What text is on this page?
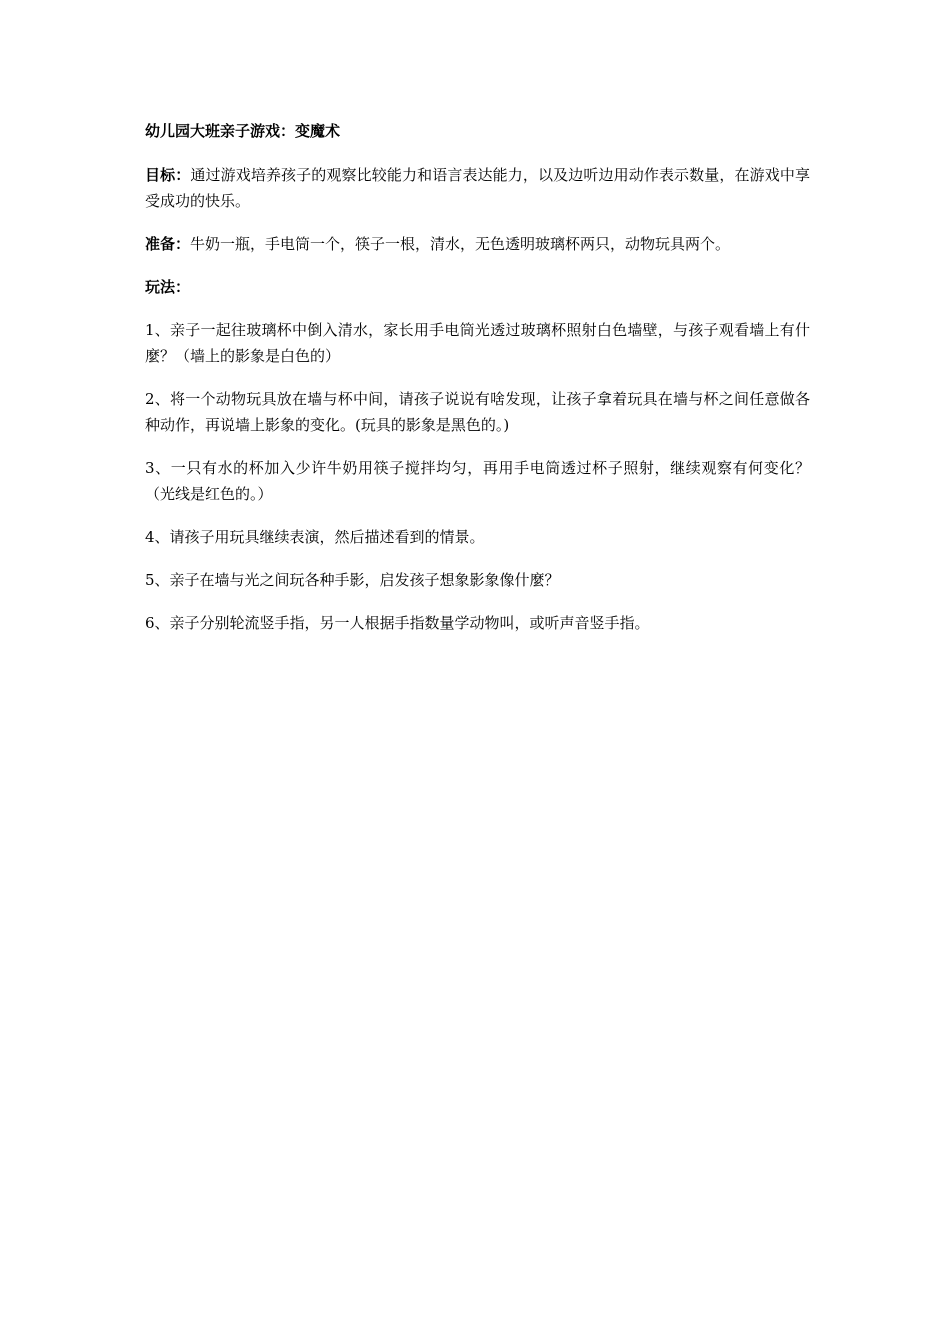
幼儿园大班亲子游戏：变魔术
目标：通过游戏培养孩子的观察比较能力和语言表达能力，以及边听边用动作表示数量，在游戏中享受成功的快乐。
准备：牛奶一瓶，手电筒一个，筷子一根，清水，无色透明玻璃杯两只，动物玩具两个。
玩法：
1、亲子一起往玻璃杯中倒入清水，家长用手电筒光透过玻璃杯照射白色墙壁，与孩子观看墙上有什麼？（墙上的影象是白色的）
2、将一个动物玩具放在墙与杯中间，请孩子说说有啥发现，让孩子拿着玩具在墙与杯之间任意做各种动作，再说墙上影象的变化。(玩具的影象是黑色的。)
3、一只有水的杯加入少许牛奶用筷子搅拌均匀，再用手电筒透过杯子照射，继续观察有何变化？（光线是红色的。）
4、请孩子用玩具继续表演，然后描述看到的情景。
5、亲子在墙与光之间玩各种手影，启发孩子想象影象像什麼？
6、亲子分别轮流竖手指，另一人根据手指数量学动物叫，或听声音竖手指。
